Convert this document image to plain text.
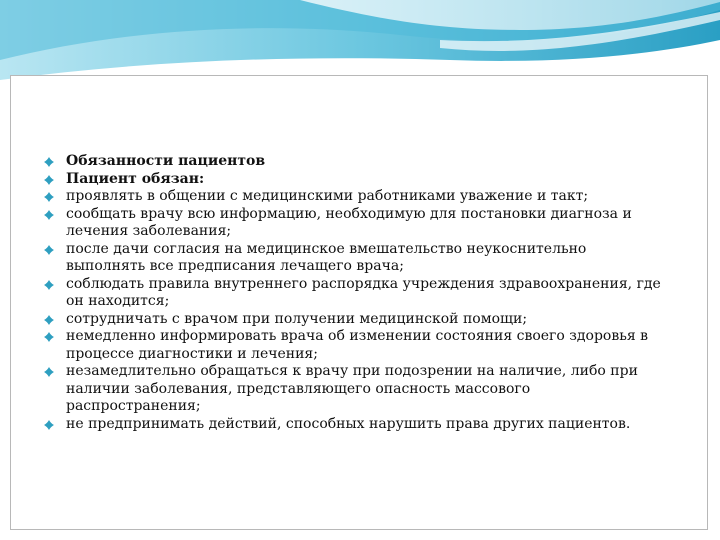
Обязанности пациентов
Пациент обязан:
проявлять в общении с медицинскими работниками уважение и такт;
сообщать врачу всю информацию, необходимую для постановки диагноза и лечения заболевания;
после дачи согласия на медицинское вмешательство неукоснительно выполнять все предписания лечащего врача;
соблюдать правила внутреннего распорядка учреждения здравоохранения, где он находится;
сотрудничать с врачом при получении медицинской помощи;
немедленно информировать врача об изменении состояния своего здоровья в процессе диагностики и лечения;
незамедлительно обращаться к врачу при подозрении на наличие, либо при наличии заболевания, представляющего опасность массового распространения;
не предпринимать действий, способных нарушить права других пациентов.
